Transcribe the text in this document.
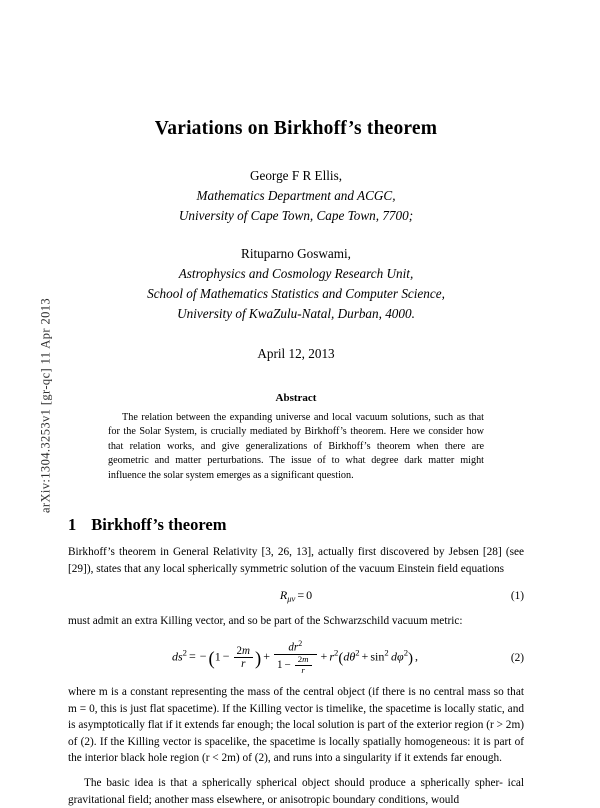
arXiv:1304.3253v1 [gr-qc] 11 Apr 2013
Variations on Birkhoff’s theorem
George F R Ellis,
Mathematics Department and ACGC,
University of Cape Town, Cape Town, 7700;
Rituparno Goswami,
Astrophysics and Cosmology Research Unit,
School of Mathematics Statistics and Computer Science,
University of KwaZulu-Natal, Durban, 4000.
April 12, 2013
Abstract
The relation between the expanding universe and local vacuum solutions, such as that for the Solar System, is crucially mediated by Birkhoff’s theorem. Here we consider how that relation works, and give generalizations of Birkhoff’s theorem when there are geometric and matter perturbations. The issue of to what degree dark matter might influence the solar system emerges as a significant question.
1 Birkhoff’s theorem

Birkhoff’s theorem in General Relativity [3, 26, 13], actually first discovered by Jebsen [28] (see [29]), states that any local spherically symmetric solution of the vacuum Einstein field equations

$R_{\mu\nu} = 0$	(1)

must admit an extra Killing vector, and so be part of the Schwarzschild vacuum metric:

$ds^2$ = − ($1 - \frac{2m}{r}$ ) + $\frac{dr^2}{1 - \frac{2m}{r}} + r^2(d\theta^2 + \sin^2 d\varphi^2)$ ,	(2)

where m is a constant representing the mass of the central object (if there is no central mass so that m = 0, this is just flat spacetime). If the Killing vector is timelike, the spacetime is locally static, and is asymptotically flat if it extends far enough; the local solution is part of the exterior region (r > 2m) of (2). If the Killing vector is spacelike, the spacetime is locally spatially homogeneous: it is part of the interior black hole region (r < 2m) of (2), and runs into a singularity if it extends far enough.

The basic idea is that a spherically spherical object should produce a spherically spher- ical gravitational field; another mass elsewhere, or anisotropic boundary conditions, would
